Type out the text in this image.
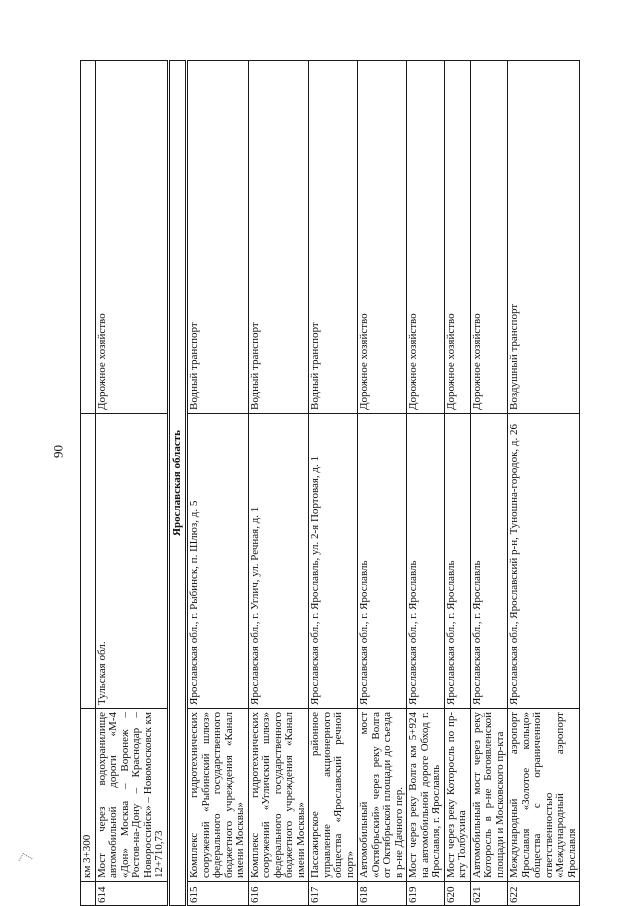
90
	км 3+300		
614	Мост через водохранилище автомобильной дороги «М-4 «Дон» Москва – Воронеж – Ростов-на-Дону – Краснодар – Новороссийск» – Новомосковск км 12+710,73	Тульская обл.	Дорожное хозяйство
Ярославская область			
615	Комплекс гидротехнических сооружений «Рыбинский шлюз» федерального государственного бюджетного учреждения «Канал имени Москвы»	Ярославская обл., г. Рыбинск, п. Шлюз, д. 5	Водный транспорт
616	Комплекс гидротехнических сооружений «Угличский шлюз» федерального государственного бюджетного учреждения «Канал имени Москвы»	Ярославская обл., г. Углич, ул. Речная, д. 1	Водный транспорт
617	Пассажирское районное управление акционерного общества «Ярославский речной порт»	Ярославская обл., г. Ярославль, ул. 2-я Портовая, д. 1	Водный транспорт
618	Автомобильный мост «Октябрьский» через реку Волга от Октябрьской площади до съезда в р-не Дачного пер.	Ярославская обл., г. Ярославль	Дорожное хозяйство
619	Мост через реку Волга км 5+924 на автомобильной дороге Обход г. Ярославля, г. Ярославль	Ярославская обл., г. Ярославль	Дорожное хозяйство
620	Мост через реку Которосль по пр-кту Толбухина	Ярославская обл., г. Ярославль	Дорожное хозяйство
621	Автомобильный мост через реку Которосль в р-не Богоявленской площади и Московского пр-кта	Ярославская обл., г. Ярославль	Дорожное хозяйство
622	Международный аэропорт Ярославля «Золотое кольцо» общества с ограниченной ответственностью «Международный аэропорт Ярославля	Ярославская обл., Ярославский р-н, Туношна-городок, д. 26	Воздушный транспорт
